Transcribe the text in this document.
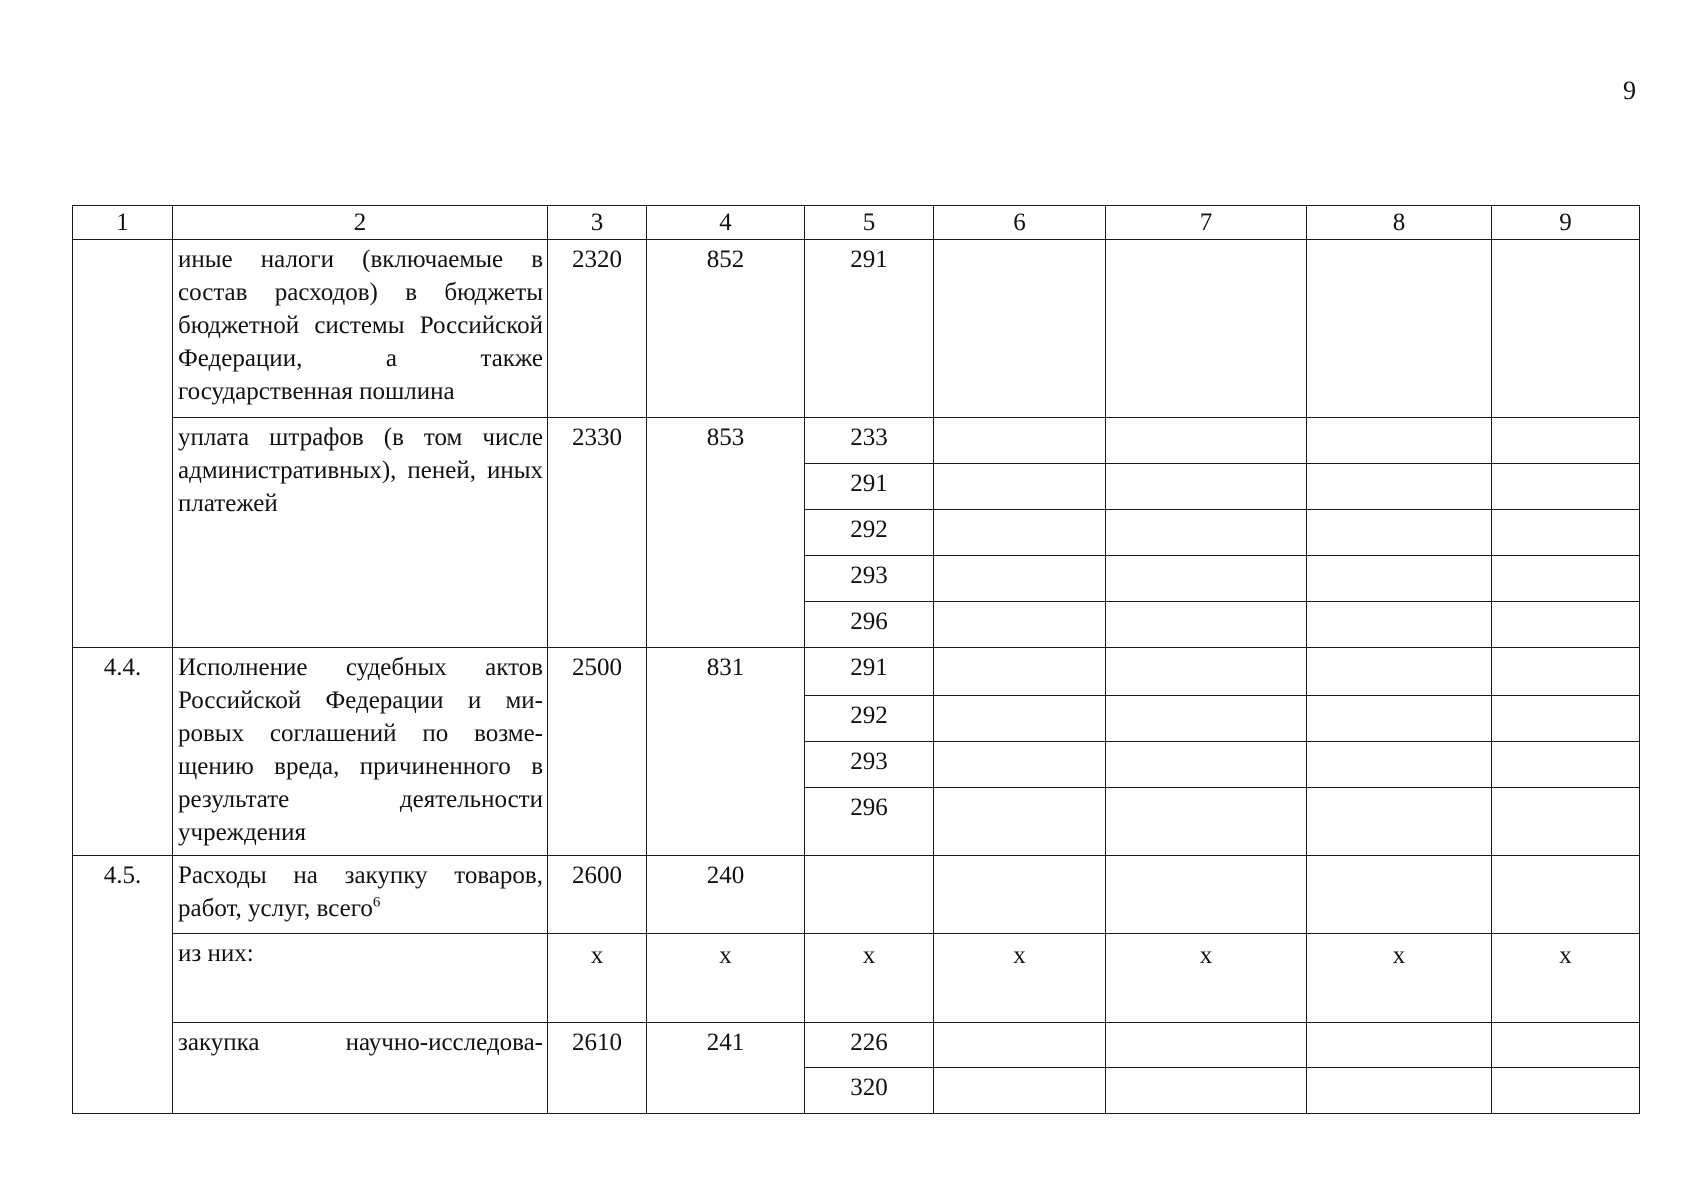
9
1	2	3	4	5	6	7	8	9
	иные налоги (включаемые в состав расходов) в бюджеты бюджетной системы Российской Федерации, а также государственная пошлина	2320	852	291				
	уплата штрафов (в том числе административных), пеней, иных платежей	2330	853	233				
				291				
				292				
				293				
				296				
4.4.	Исполнение судебных актов Российской Федерации и мировых соглашений по возмещению вреда, причиненного в результате деятельности учреждения	2500	831	291				
				292				
				293				
				296				
4.5.	Расходы на закупку товаров, работ, услуг, всего$^6$	2600	240					
	из них:	x	x	x	x	x	x	x
	закупка научно-исследова-	2610	241	226				
				320				
